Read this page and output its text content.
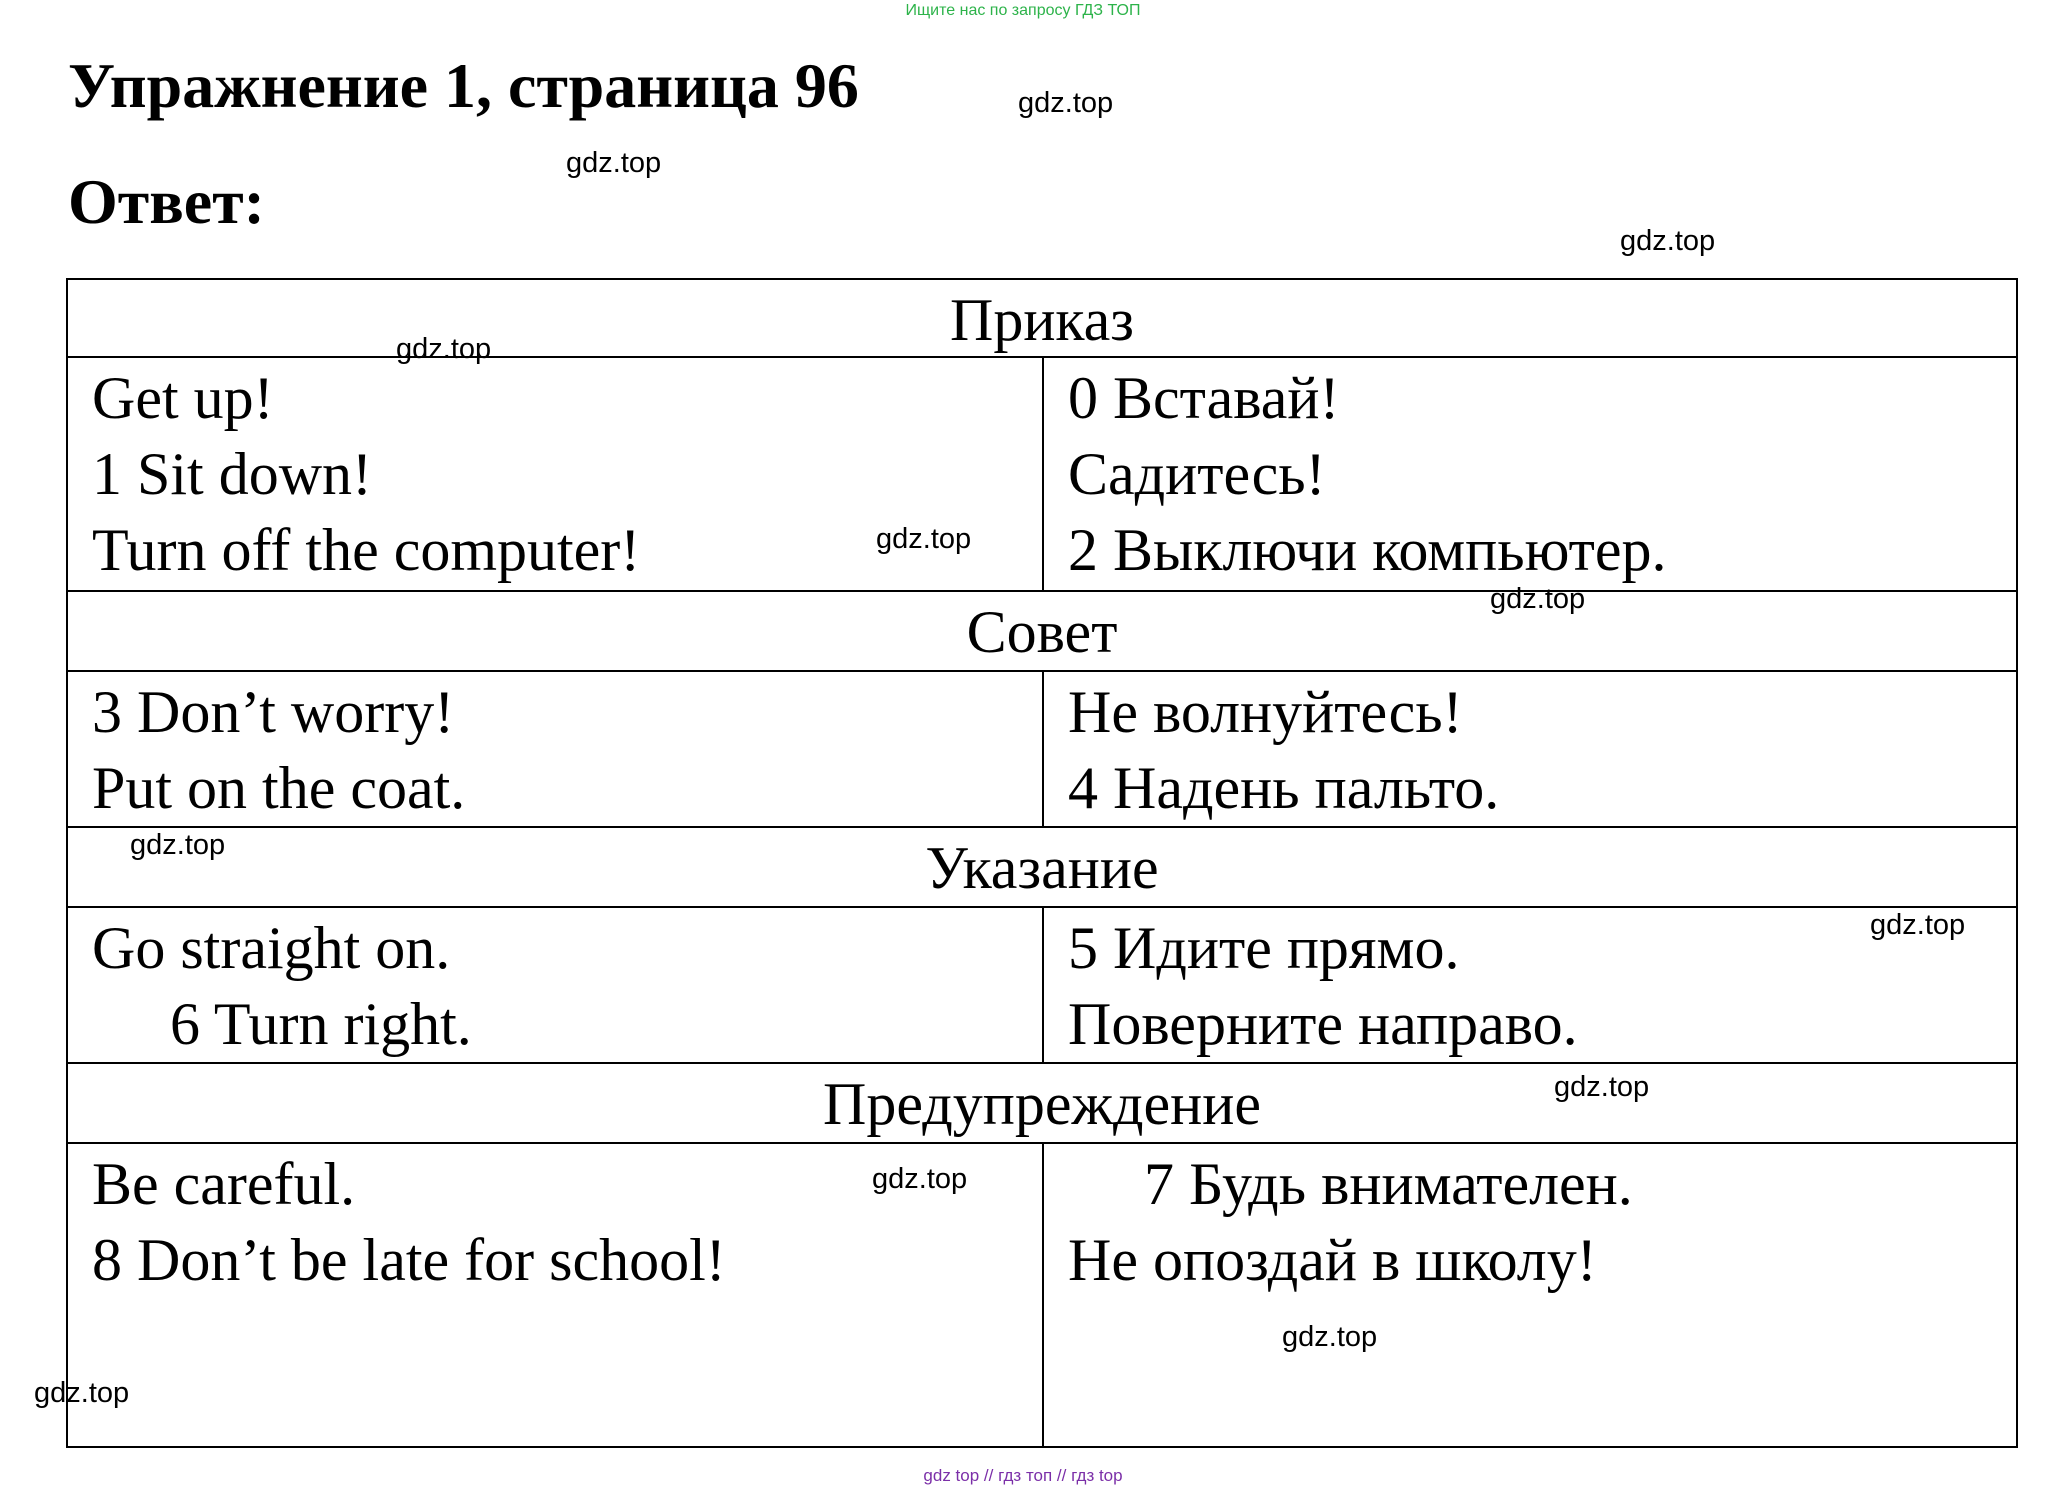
Ищите нас по запросу ГДЗ ТОП
Упражнение 1, страница 96
Ответ:
Приказ
Get up!
1 Sit down!
Turn off the computer!
0 Вставай!
Садитесь!
2 Выключи компьютер.
Совет
3 Don’t worry!
Put on the coat.
Не волнуйтесь!
4 Надень пальто.
Указание
Go straight on.
6 Turn right.
5 Идите прямо.
Поверните направо.
Предупреждение
Be careful.
8 Don’t be late for school!
7 Будь внимателен.
Не опоздай в школу!
gdz.top
gdz.top
gdz.top
gdz.top
gdz.top
gdz.top
gdz.top
gdz.top
gdz.top
gdz.top
gdz.top
gdz.top
gdz top // гдз топ // гдз top
